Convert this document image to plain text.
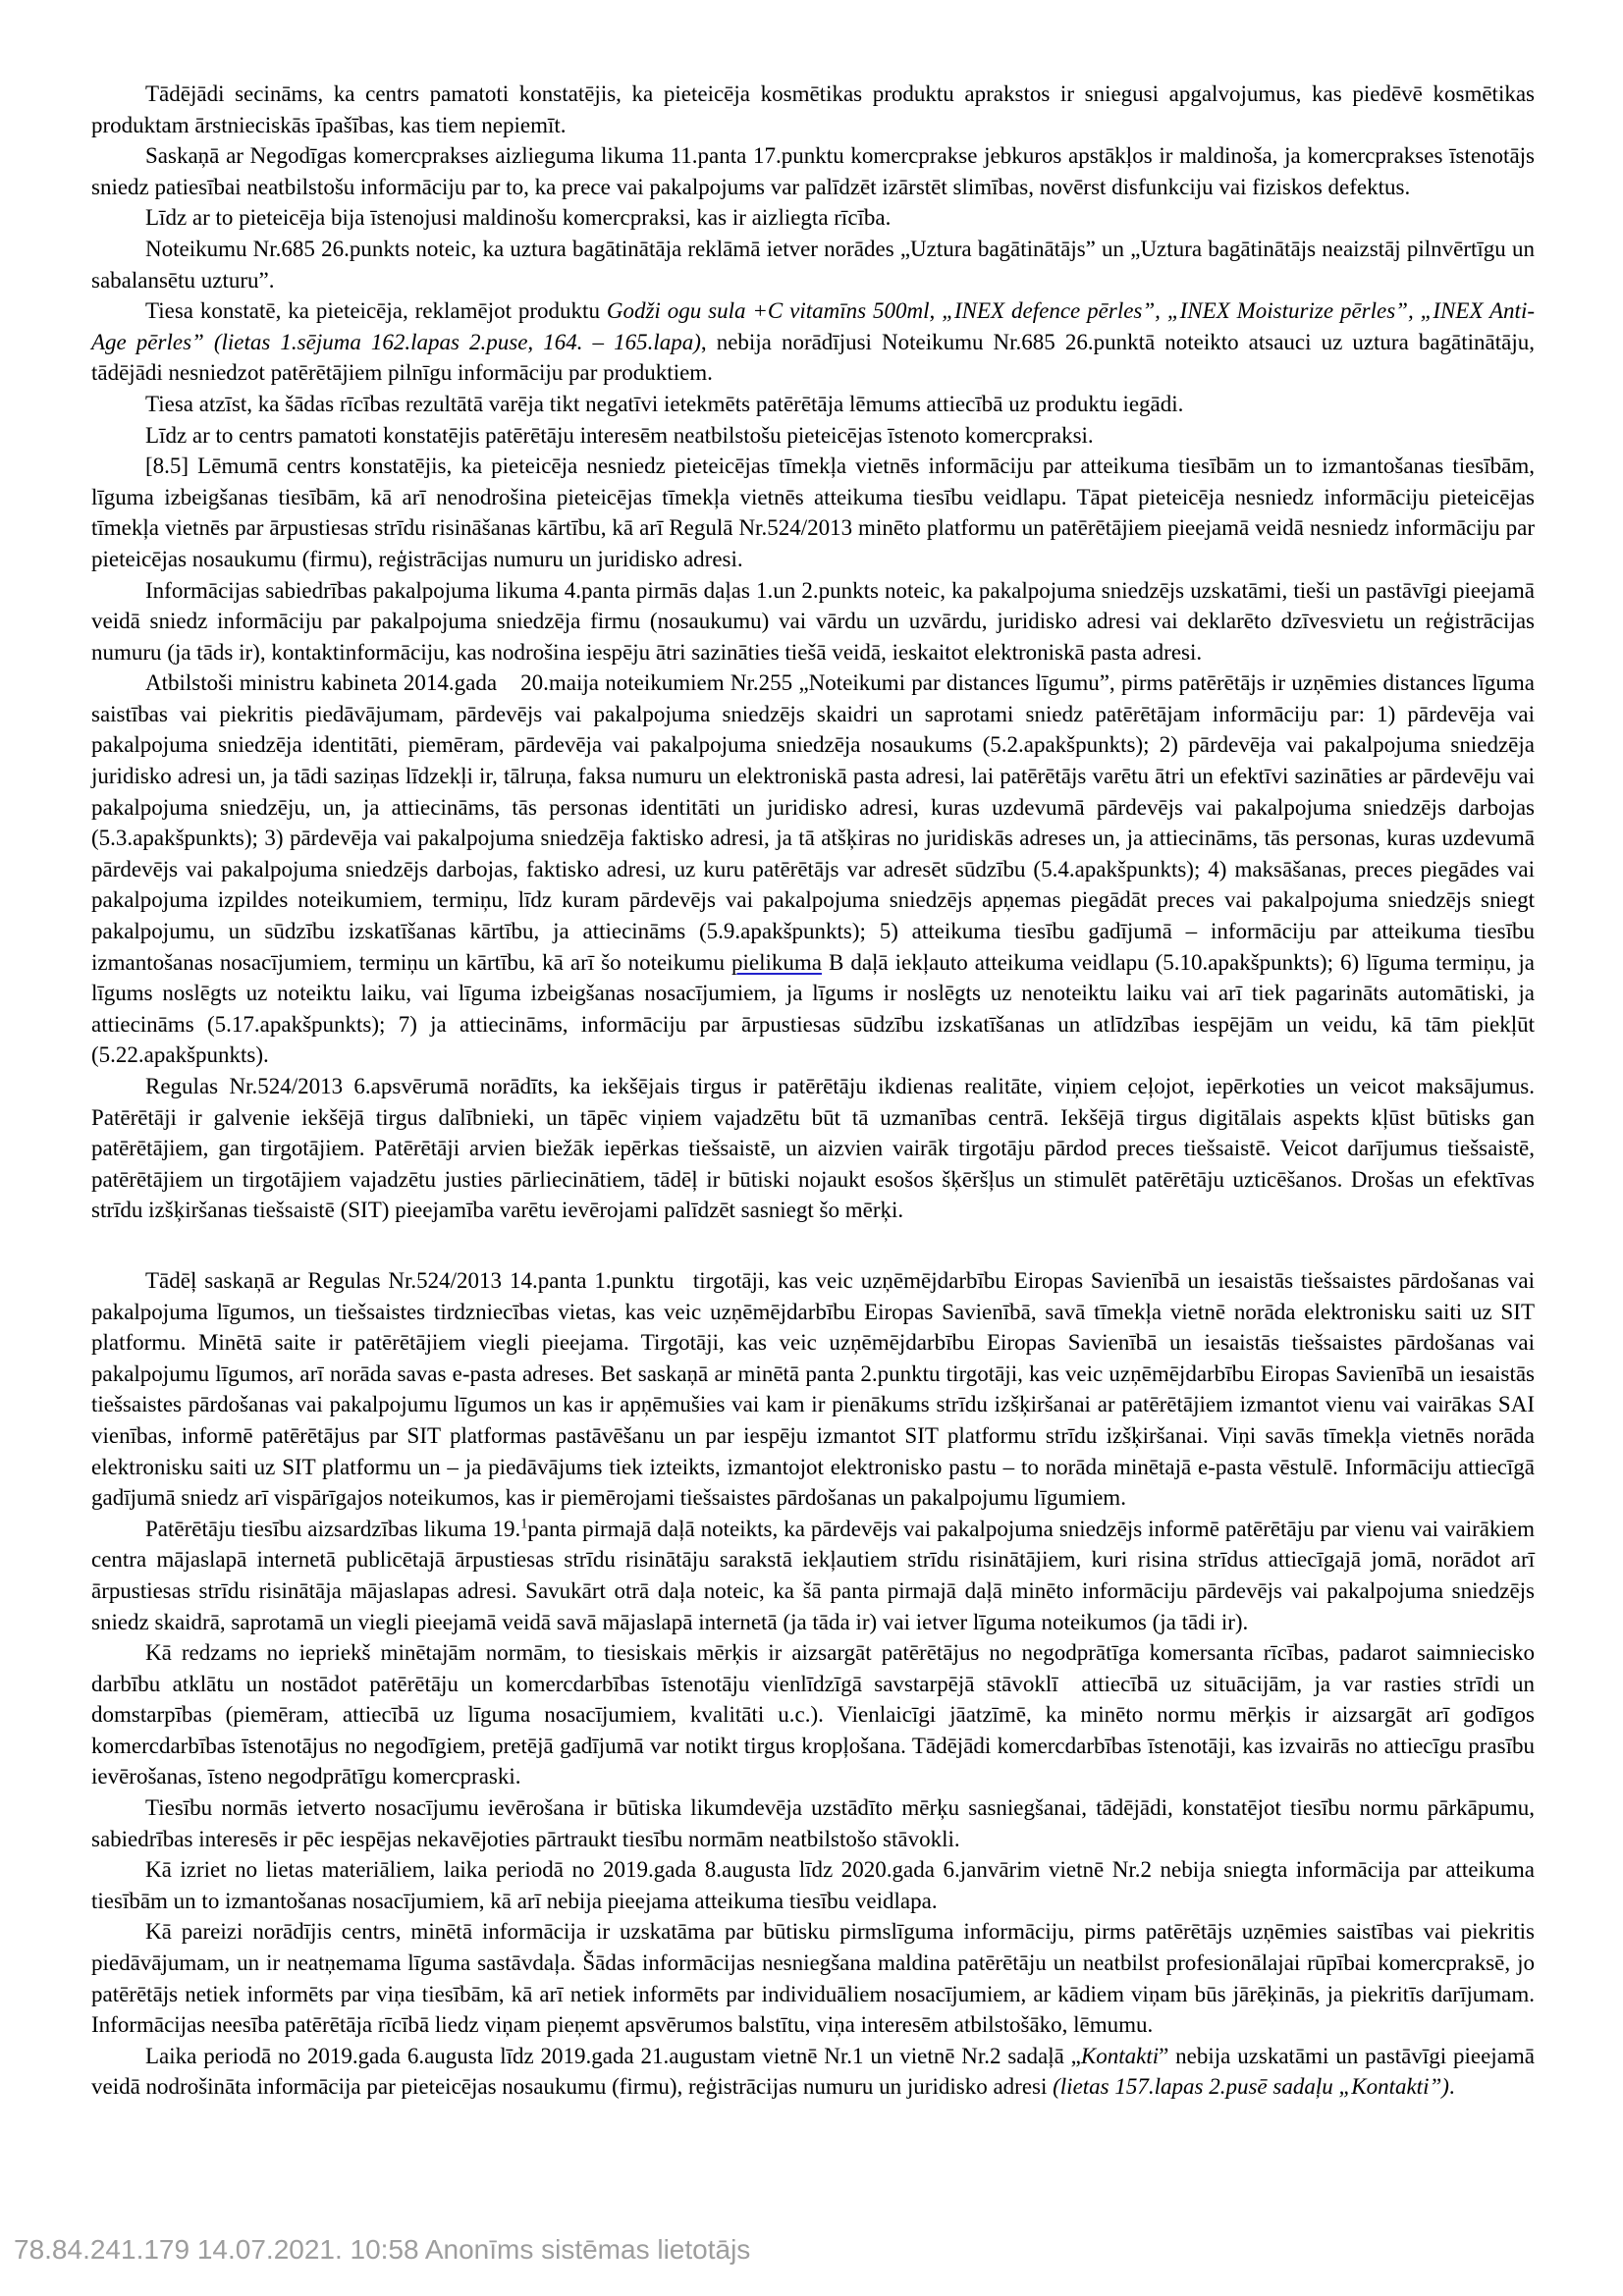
Tādējādi secināms, ka centrs pamatoti konstatējis, ka pieteicēja kosmētikas produktu aprakstos ir sniegusi apgalvojumus, kas piedēvē kosmētikas produktam ārstnieciskās īpašības, kas tiem nepiemīt.

Saskaņā ar Negodīgas komercprakses aizlieguma likuma 11.panta 17.punktu komercprakse jebkuros apstākļos ir maldinoša, ja komercprakses īstenotājs sniedz patiesībai neatbilstošu informāciju par to, ka prece vai pakalpojums var palīdzēt izārstēt slimības, novērst disfunkciju vai fiziskos defektus.

Līdz ar to pieteicēja bija īstenojusi maldinošu komercpraksi, kas ir aizliegta rīcība.

Noteikumu Nr.685 26.punkts noteic, ka uztura bagātinātāja reklāmā ietver norādes „Uztura bagātinātājs” un „Uztura bagātinātājs neaizstāj pilnvērtīgu un sabalansētu uzturu”.

Tiesa konstatē, ka pieteicēja, reklamējot produktu Godži ogu sula +C vitamīns 500ml, „INEX defence pērles”, „INEX Moisturize pērles”, „INEX Anti-Age pērles” (lietas 1.sējuma 162.lapas 2.puse, 164. – 165.lapa), nebija norādījusi Noteikumu Nr.685 26.punktā noteikto atsauci uz uztura bagātinātāju, tādējādi nesniedzot patērētājiem pilnīgu informāciju par produktiem.

Tiesa atzīst, ka šādas rīcības rezultātā varēja tikt negatīvi ietekmēts patērētāja lēmums attiecībā uz produktu iegādi.

Līdz ar to centrs pamatoti konstatējis patērētāju interesēm neatbilstošu pieteicējas īstenoto komercpraksi.

[8.5] Lēmumā centrs konstatējis, ka pieteicēja nesniedz pieteicējas tīmekļa vietnēs informāciju par atteikuma tiesībām un to izmantošanas tiesībām, līguma izbeigšanas tiesībām, kā arī nenodrošina pieteicējas tīmekļa vietnēs atteikuma tiesību veidlapu. Tāpat pieteicēja nesniedz informāciju pieteicējas tīmekļa vietnēs par ārpustiesas strīdu risināšanas kārtību, kā arī Regulā Nr.524/2013 minēto platformu un patērētājiem pieejamā veidā nesniedz informāciju par pieteicējas nosaukumu (firmu), reģistrācijas numuru un juridisko adresi.

Informācijas sabiedrības pakalpojuma likuma 4.panta pirmās daļas 1.un 2.punkts noteic, ka pakalpojuma sniedzējs uzskatāmi, tieši un pastāvīgi pieejamā veidā sniedz informāciju par pakalpojuma sniedzēja firmu (nosaukumu) vai vārdu un uzvārdu, juridisko adresi vai deklarēto dzīvesvietu un reģistrācijas numuru (ja tāds ir), kontaktinformāciju, kas nodrošina iespēju ātri sazināties tiešā veidā, ieskaitot elektroniskā pasta adresi.

Atbilstoši ministru kabineta 2014.gada   20.maija noteikumiem Nr.255 „Noteikumi par distances līgumu”, pirms patērētājs ir uzņēmies distances līguma saistības vai piekritis piedāvājumam, pārdevējs vai pakalpojuma sniedzējs skaidri un saprotami sniedz patērētājam informāciju par: 1) pārdevēja vai pakalpojuma sniedzēja identitāti, piemēram, pārdevēja vai pakalpojuma sniedzēja nosaukums (5.2.apakšpunkts); 2) pārdevēja vai pakalpojuma sniedzēja juridisko adresi un, ja tādi saziņas līdzekļi ir, tālruņa, faksa numuru un elektroniskā pasta adresi, lai patērētājs varētu ātri un efektīvi sazināties ar pārdevēju vai pakalpojuma sniedzēju, un, ja attiecināms, tās personas identitāti un juridisko adresi, kuras uzdevumā pārdevējs vai pakalpojuma sniedzējs darbojas (5.3.apakšpunkts); 3) pārdevēja vai pakalpojuma sniedzēja faktisko adresi, ja tā atšķiras no juridiskās adreses un, ja attiecināms, tās personas, kuras uzdevumā pārdevējs vai pakalpojuma sniedzējs darbojas, faktisko adresi, uz kuru patērētājs var adresēt sūdzību (5.4.apakšpunkts); 4) maksāšanas, preces piegādes vai pakalpojuma izpildes noteikumiem, termiņu, līdz kuram pārdevējs vai pakalpojuma sniedzējs apņemas piegādāt preces vai pakalpojuma sniedzējs sniegt pakalpojumu, un sūdzību izskatīšanas kārtību, ja attiecināms (5.9.apakšpunkts); 5) atteikuma tiesību gadījumā – informāciju par atteikuma tiesību izmantošanas nosacījumiem, termiņu un kārtību, kā arī šo noteikumu pielikuma B daļā iekļauto atteikuma veidlapu (5.10.apakšpunkts); 6) līguma termiņu, ja līgums noslēgts uz noteiktu laiku, vai līguma izbeigšanas nosacījumiem, ja līgums ir noslēgts uz nenoteiktu laiku vai arī tiek pagarināts automātiski, ja attiecināms (5.17.apakšpunkts); 7) ja attiecināms, informāciju par ārpustiesas sūdzību izskatīšanas un atlīdzības iespējām un veidu, kā tām piekļūt (5.22.apakšpunkts).

Regulas Nr.524/2013 6.apsvērumā norādīts, ka iekšējais tirgus ir patērētāju ikdienas realitāte, viņiem ceļojot, iepērkoties un veicot maksājumus. Patērētāji ir galvenie iekšējā tirgus dalībnieki, un tāpēc viņiem vajadzētu būt tā uzmanības centrā. Iekšējā tirgus digitālais aspekts kļūst būtisks gan patērētājiem, gan tirgotājiem. Patērētāji arvien biežāk iepērkas tiešsaistē, un aizvien vairāk tirgotāju pārdod preces tiešsaistē. Veicot darījumus tiešsaistē, patērētājiem un tirgotājiem vajadzētu justies pārliecinātiem, tādēļ ir būtiski nojaukt esošos šķēršļus un stimulēt patērētāju uzticēšanos. Drošas un efektīvas strīdu izšķiršanas tiešsaistē (SIT) pieejamība varētu ievērojami palīdzēt sasniegt šo mērķi.

Tādēļ saskaņā ar Regulas Nr.524/2013 14.panta 1.punktu  tirgotāji, kas veic uzņēmējdarbību Eiropas Savienībā un iesaistās tiešsaistes pārdošanas vai pakalpojuma līgumos, un tiešsaistes tirdzniecības vietas, kas veic uzņēmējdarbību Eiropas Savienībā, savā tīmekļa vietnē norāda elektronisku saiti uz SIT platformu. Minētā saite ir patērētājiem viegli pieejama. Tirgotāji, kas veic uzņēmējdarbību Eiropas Savienībā un iesaistās tiešsaistes pārdošanas vai pakalpojumu līgumos, arī norāda savas e-pasta adreses. Bet saskaņā ar minētā panta 2.punktu tirgotāji, kas veic uzņēmējdarbību Eiropas Savienībā un iesaistās tiešsaistes pārdošanas vai pakalpojumu līgumos un kas ir apņēmušies vai kam ir pienākums strīdu izšķiršanai ar patērētājiem izmantot vienu vai vairākas SAI vienības, informē patērētājus par SIT platformas pastāvēšanu un par iespēju izmantot SIT platformu strīdu izšķiršanai. Viņi savās tīmekļa vietnēs norāda elektronisku saiti uz SIT platformu un – ja piedāvājums tiek izteikts, izmantojot elektronisko pastu – to norāda minētajā e-pasta vēstulē. Informāciju attiecīgā gadījumā sniedz arī vispārīgajos noteikumos, kas ir piemērojami tiešsaistes pārdošanas un pakalpojumu līgumiem.

Patērētāju tiesību aizsardzības likuma 19.$^1$panta pirmajā daļā noteikts, ka pārdevējs vai pakalpojuma sniedzējs informē patērētāju par vienu vai vairākiem centra mājaslapā internetā publicētajā ārpustiesas strīdu risinātāju sarakstā iekļautiem strīdu risinātājiem, kuri risina strīdus attiecīgajā jomā, norādot arī ārpustiesas strīdu risinātāja mājaslapas adresi. Savukārt otrā daļa noteic, ka šā panta pirmajā daļā minēto informāciju pārdevējs vai pakalpojuma sniedzējs sniedz skaidrā, saprotamā un viegli pieejamā veidā savā mājaslapā internetā (ja tāda ir) vai ietver līguma noteikumos (ja tādi ir).

Kā redzams no iepriekš minētajām normām, to tiesiskais mērķis ir aizsargāt patērētājus no negodprātīga komersanta rīcības, padarot saimniecisko darbību atklātu un nostādot patērētāju un komercdarbības īstenotāju vienlīdzīgā savstarpējā stāvoklī  attiecībā uz situācijām, ja var rasties strīdi un domstarpības (piemēram, attiecībā uz līguma nosacījumiem, kvalitāti u.c.). Vienlaicīgi jāatzīmē, ka minēto normu mērķis ir aizsargāt arī godīgos komercdarbības īstenotājus no negodīgiem, pretējā gadījumā var notikt tirgus kropļošana. Tādējādi komercdarbības īstenotāji, kas izvairās no attiecīgu prasību ievērošanas, īsteno negodprātīgu komercpraski.

Tiesību normās ietverto nosacījumu ievērošana ir būtiska likumdevēja uzstādīto mērķu sasniegšanai, tādējādi, konstatējot tiesību normu pārkāpumu, sabiedrības interesēs ir pēc iespējas nekavējoties pārtraukt tiesību normām neatbilstošo stāvokli.

Kā izriet no lietas materiāliem, laika periodā no 2019.gada 8.augusta līdz 2020.gada 6.janvārim vietnē Nr.2 nebija sniegta informācija par atteikuma tiesībām un to izmantošanas nosacījumiem, kā arī nebija pieejama atteikuma tiesību veidlapa.

Kā pareizi norādījis centrs, minētā informācija ir uzskatāma par būtisku pirmslīguma informāciju, pirms patērētājs uzņēmies saistības vai piekritis piedāvājumam, un ir neatņemama līguma sastāvdaļa. Šādas informācijas nesniegšana maldina patērētāju un neatbilst profesionālajai rūpībai komercpraksē, jo patērētājs netiek informēts par viņa tiesībām, kā arī netiek informēts par individuāliem nosacījumiem, ar kādiem viņam būs jārēķinās, ja piekritīs darījumam. Informācijas neesība patērētāja rīcībā liedz viņam pieņemt apsvērumos balstītu, viņa interesēm atbilstošāko, lēmumu.

Laika periodā no 2019.gada 6.augusta līdz 2019.gada 21.augustam vietnē Nr.1 un vietnē Nr.2 sadaļā „Kontakti” nebija uzskatāmi un pastāvīgi pieejamā veidā nodrošināta informācija par pieteicējas nosaukumu (firmu), reģistrācijas numuru un juridisko adresi (lietas 157.lapas 2.pusē sadaļu „Kontakti”).

78.84.241.179 14.07.2021. 10:58 Anonīms sistēmas lietotājs
